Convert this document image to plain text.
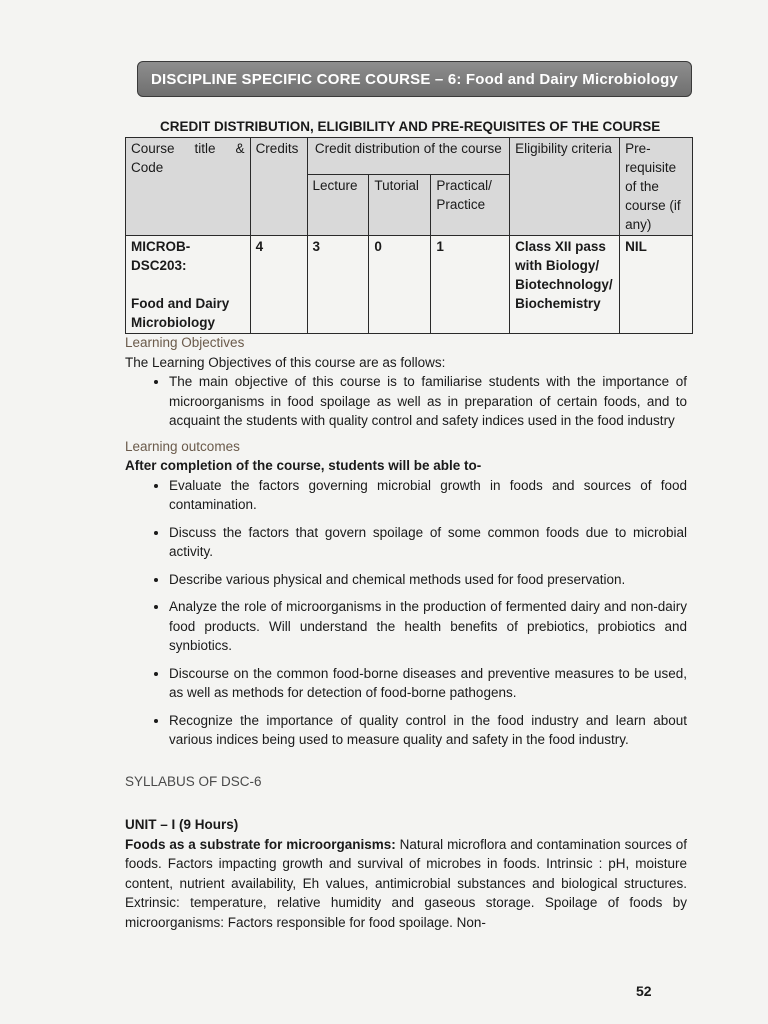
DISCIPLINE SPECIFIC CORE COURSE – 6: Food and Dairy Microbiology
CREDIT DISTRIBUTION, ELIGIBILITY AND PRE-REQUISITES OF THE COURSE
Course title & Code	Credits	Credit distribution of the course			Eligibility criteria	Pre-requisite of the course (if any)
		Lecture	Tutorial	Practical/ Practice		

MICROB-DSC203:
Food and Dairy Microbiology	4	3	0	1	Class XII pass with Biology/ Biotechnology/ Biochemistry	NIL

Learning Objectives

The Learning Objectives of this course are as follows:

• The main objective of this course is to familiarise students with the importance of microorganisms in food spoilage as well as in preparation of certain foods, and to acquaint the students with quality control and safety indices used in the food industry

Learning outcomes

After completion of the course, students will be able to-

• Evaluate the factors governing microbial growth in foods and sources of food contamination.
• Discuss the factors that govern spoilage of some common foods due to microbial activity.
• Describe various physical and chemical methods used for food preservation.
• Analyze the role of microorganisms in the production of fermented dairy and non-dairy food products. Will understand the health benefits of prebiotics, probiotics and synbiotics.
• Discourse on the common food-borne diseases and preventive measures to be used, as well as methods for detection of food-borne pathogens.
• Recognize the importance of quality control in the food industry and learn about various indices being used to measure quality and safety in the food industry.

SYLLABUS OF DSC-6

UNIT – I (9 Hours)

Foods as a substrate for microorganisms: Natural microflora and contamination sources of foods. Factors impacting growth and survival of microbes in foods. Intrinsic : pH, moisture content, nutrient availability, Eh values, antimicrobial substances and biological structures. Extrinsic: temperature, relative humidity and gaseous storage. Spoilage of foods by microorganisms: Factors responsible for food spoilage. Non-

52
